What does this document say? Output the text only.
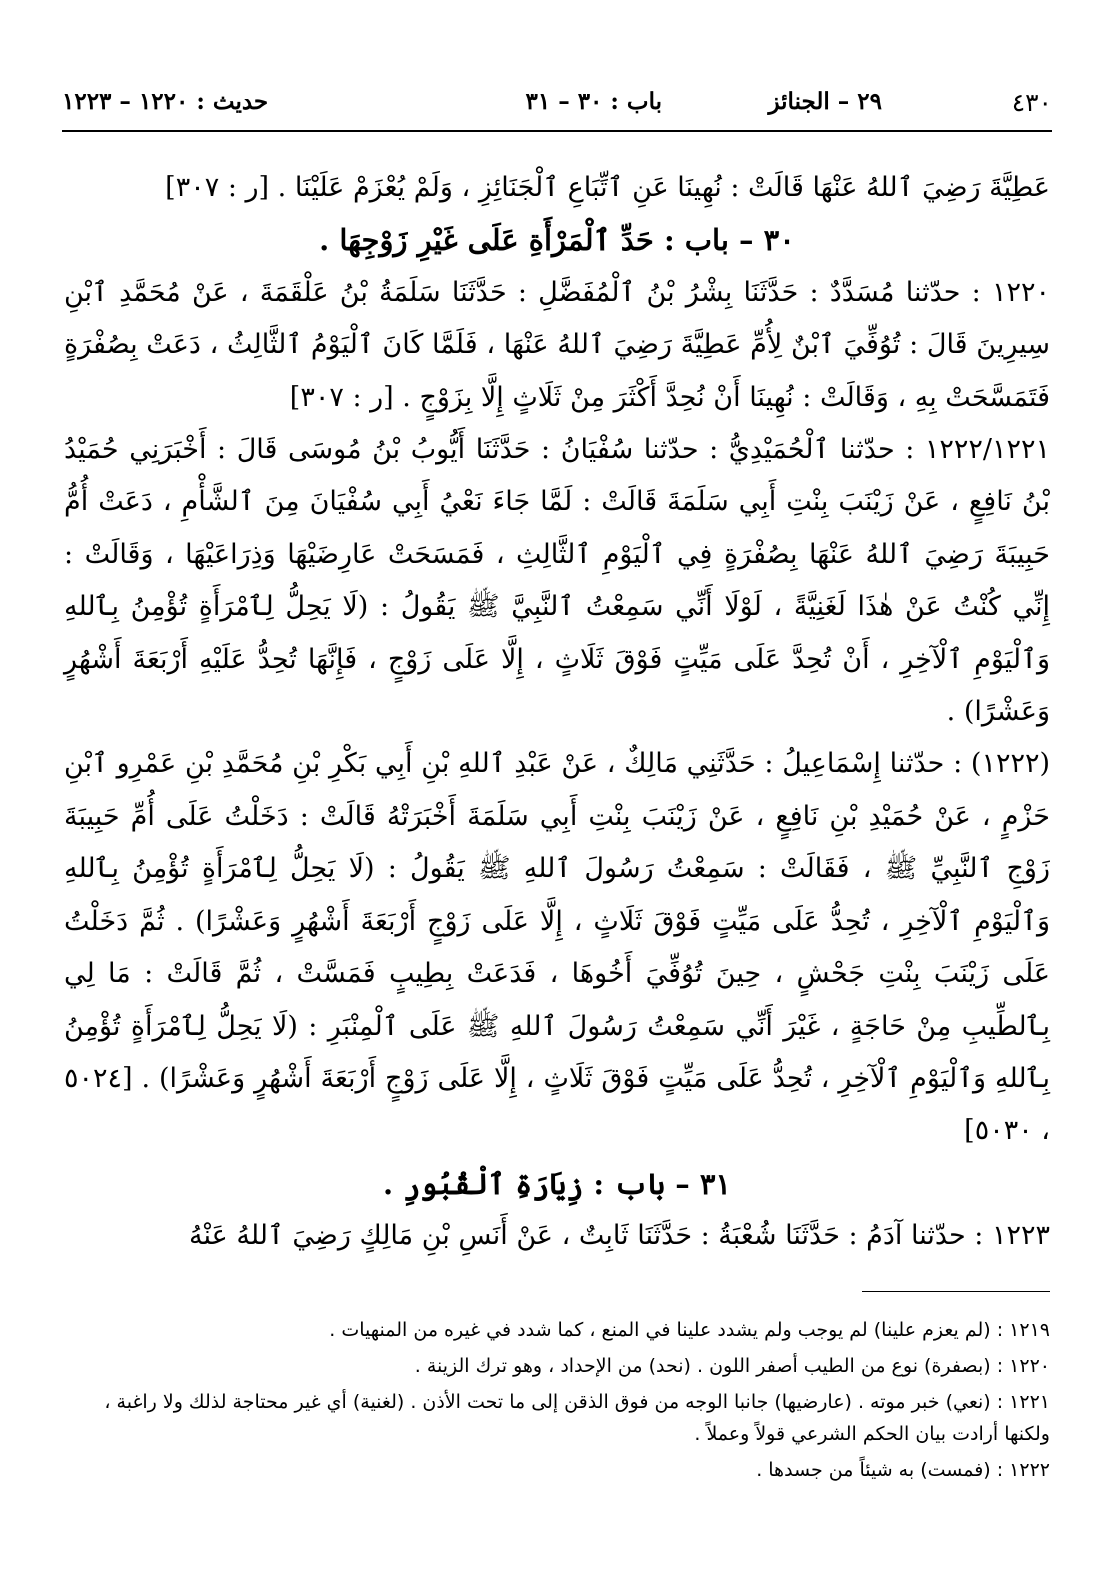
٤٣٠
٢٩ – الجنائز
باب : ٣٠ – ٣١
حديث : ١٢٢٠ – ١٢٢٣

عَطِيَّةَ رَضِيَ ٱللهُ عَنْهَا قَالَتْ : نُهِينَا عَنِ ٱتِّبَاعِ ٱلْجَنَائِزِ ، وَلَمْ يُعْزَمْ عَلَيْنَا . [ر : ٣٠٧]

٣٠ – باب : حَدِّ ٱلْمَرْأَةِ عَلَى غَيْرِ زَوْجِهَا .

١٢٢٠ : حدّثنا مُسَدَّدٌ : حَدَّثَنَا بِشْرُ بْنُ ٱلْمُفَضَّلِ : حَدَّثَنَا سَلَمَةُ بْنُ عَلْقَمَةَ ، عَنْ مُحَمَّدِ ٱبْنِ سِيرِينَ قَالَ : تُوُفِّيَ ٱبْنٌ لِأُمِّ عَطِيَّةَ رَضِيَ ٱللهُ عَنْهَا ، فَلَمَّا كَانَ ٱلْيَوْمُ ٱلثَّالِثُ ، دَعَتْ بِصُفْرَةٍ فَتَمَسَّحَتْ بِهِ ، وَقَالَتْ : نُهِينَا أَنْ نُحِدَّ أَكْثَرَ مِنْ ثَلَاثٍ إِلَّا بِزَوْجٍ . [ر : ٣٠٧]

١٢٢٢/١٢٢١ : حدّثنا ٱلْحُمَيْدِيُّ : حدّثنا سُفْيَانُ : حَدَّثَنَا أَيُّوبُ بْنُ مُوسَى قَالَ : أَخْبَرَنِي حُمَيْدُ بْنُ نَافِعٍ ، عَنْ زَيْنَبَ بِنْتِ أَبِي سَلَمَةَ قَالَتْ : لَمَّا جَاءَ نَعْيُ أَبِي سُفْيَانَ مِنَ ٱلشَّأْمِ ، دَعَتْ أُمُّ حَبِيبَةَ رَضِيَ ٱللهُ عَنْهَا بِصُفْرَةٍ فِي ٱلْيَوْمِ ٱلثَّالِثِ ، فَمَسَحَتْ عَارِضَيْهَا وَذِرَاعَيْهَا ، وَقَالَتْ : إِنِّي كُنْتُ عَنْ هٰذَا لَغَنِيَّةً ، لَوْلَا أَنِّي سَمِعْتُ ٱلنَّبِيَّ ﷺ يَقُولُ : (لَا يَحِلُّ لِٱمْرَأَةٍ تُؤْمِنُ بِٱللهِ وَٱلْيَوْمِ ٱلْآخِرِ ، أَنْ تُحِدَّ عَلَى مَيِّتٍ فَوْقَ ثَلَاثٍ ، إِلَّا عَلَى زَوْجٍ ، فَإِنَّهَا تُحِدُّ عَلَيْهِ أَرْبَعَةَ أَشْهُرٍ وَعَشْرًا) .

(١٢٢٢) : حدّثنا إِسْمَاعِيلُ : حَدَّثَنِي مَالِكٌ ، عَنْ عَبْدِ ٱللهِ بْنِ أَبِي بَكْرِ بْنِ مُحَمَّدِ بْنِ عَمْرِو ٱبْنِ حَزْمٍ ، عَنْ حُمَيْدِ بْنِ نَافِعٍ ، عَنْ زَيْنَبَ بِنْتِ أَبِي سَلَمَةَ أَخْبَرَتْهُ قَالَتْ : دَخَلْتُ عَلَى أُمِّ حَبِيبَةَ زَوْجِ ٱلنَّبِيِّ ﷺ ، فَقَالَتْ : سَمِعْتُ رَسُولَ ٱللهِ ﷺ يَقُولُ : (لَا يَحِلُّ لِٱمْرَأَةٍ تُؤْمِنُ بِٱللهِ وَٱلْيَوْمِ ٱلْآخِرِ ، تُحِدُّ عَلَى مَيِّتٍ فَوْقَ ثَلَاثٍ ، إِلَّا عَلَى زَوْجٍ أَرْبَعَةَ أَشْهُرٍ وَعَشْرًا) . ثُمَّ دَخَلْتُ عَلَى زَيْنَبَ بِنْتِ جَحْشٍ ، حِينَ تُوُفِّيَ أَخُوهَا ، فَدَعَتْ بِطِيبٍ فَمَسَّتْ ، ثُمَّ قَالَتْ : مَا لِي بِٱلطِّيبِ مِنْ حَاجَةٍ ، غَيْرَ أَنِّي سَمِعْتُ رَسُولَ ٱللهِ ﷺ عَلَى ٱلْمِنْبَرِ : (لَا يَحِلُّ لِٱمْرَأَةٍ تُؤْمِنُ بِٱللهِ وَٱلْيَوْمِ ٱلْآخِرِ ، تُحِدُّ عَلَى مَيِّتٍ فَوْقَ ثَلَاثٍ ، إِلَّا عَلَى زَوْجٍ أَرْبَعَةَ أَشْهُرٍ وَعَشْرًا) . [٥٠٢٤ ، ٥٠٣٠]

٣١ – باب : زِيَارَةِ ٱلْقُبُورِ .

١٢٢٣ : حدّثنا آدَمُ : حَدَّثَنَا شُعْبَةُ : حَدَّثَنَا ثَابِتٌ ، عَنْ أَنَسِ بْنِ مَالِكٍ رَضِيَ ٱللهُ عَنْهُ

١٢١٩ : (لم يعزم علينا) لم يوجب ولم يشدد علينا في المنع ، كما شدد في غيره من المنهيات .

١٢٢٠ : (بصفرة) نوع من الطيب أصفر اللون . (نحد) من الإحداد ، وهو ترك الزينة .

١٢٢١ : (نعي) خبر موته . (عارضيها) جانبا الوجه من فوق الذقن إلى ما تحت الأذن . (لغنية) أي غير محتاجة لذلك ولا راغبة ، ولكنها أرادت بيان الحكم الشرعي قولاً وعملاً .

١٢٢٢ : (فمست) به شيئاً من جسدها .
